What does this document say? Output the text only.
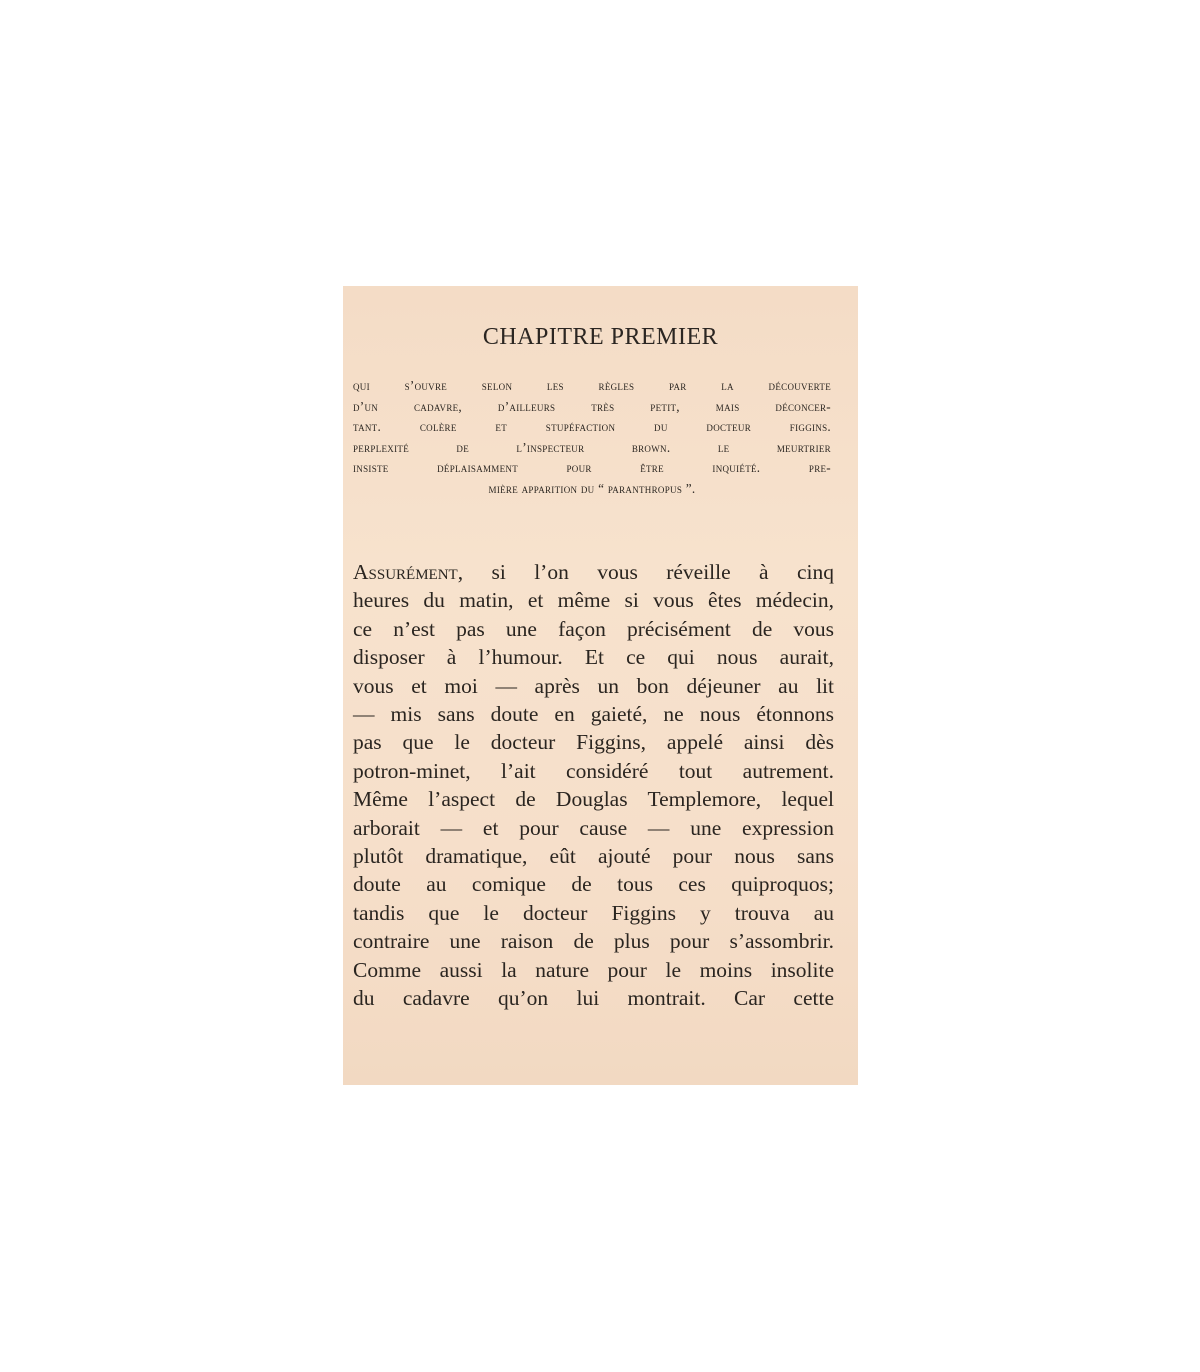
CHAPITRE PREMIER
qui s’ouvre selon les règles par la découverte
d’un cadavre, d’ailleurs très petit, mais déconcer-
tant. colère et stupéfaction du docteur figgins.
perplexité de l’inspecteur brown. le meurtrier
insiste déplaisamment pour être inquiété. pre-
mière apparition du “ paranthropus ”.
Assurément, si l’on vous réveille à cinq
heures du matin, et même si vous êtes médecin,
ce n’est pas une façon précisément de vous
disposer à l’humour. Et ce qui nous aurait,
vous et moi — après un bon déjeuner au lit
— mis sans doute en gaieté, ne nous étonnons
pas que le docteur Figgins, appelé ainsi dès
potron-minet, l’ait considéré tout autrement.
Même l’aspect de Douglas Templemore, lequel
arborait — et pour cause — une expression
plutôt dramatique, eût ajouté pour nous sans
doute au comique de tous ces quiproquos;
tandis que le docteur Figgins y trouva au
contraire une raison de plus pour s’assombrir.
Comme aussi la nature pour le moins insolite
du cadavre qu’on lui montrait. Car cette
